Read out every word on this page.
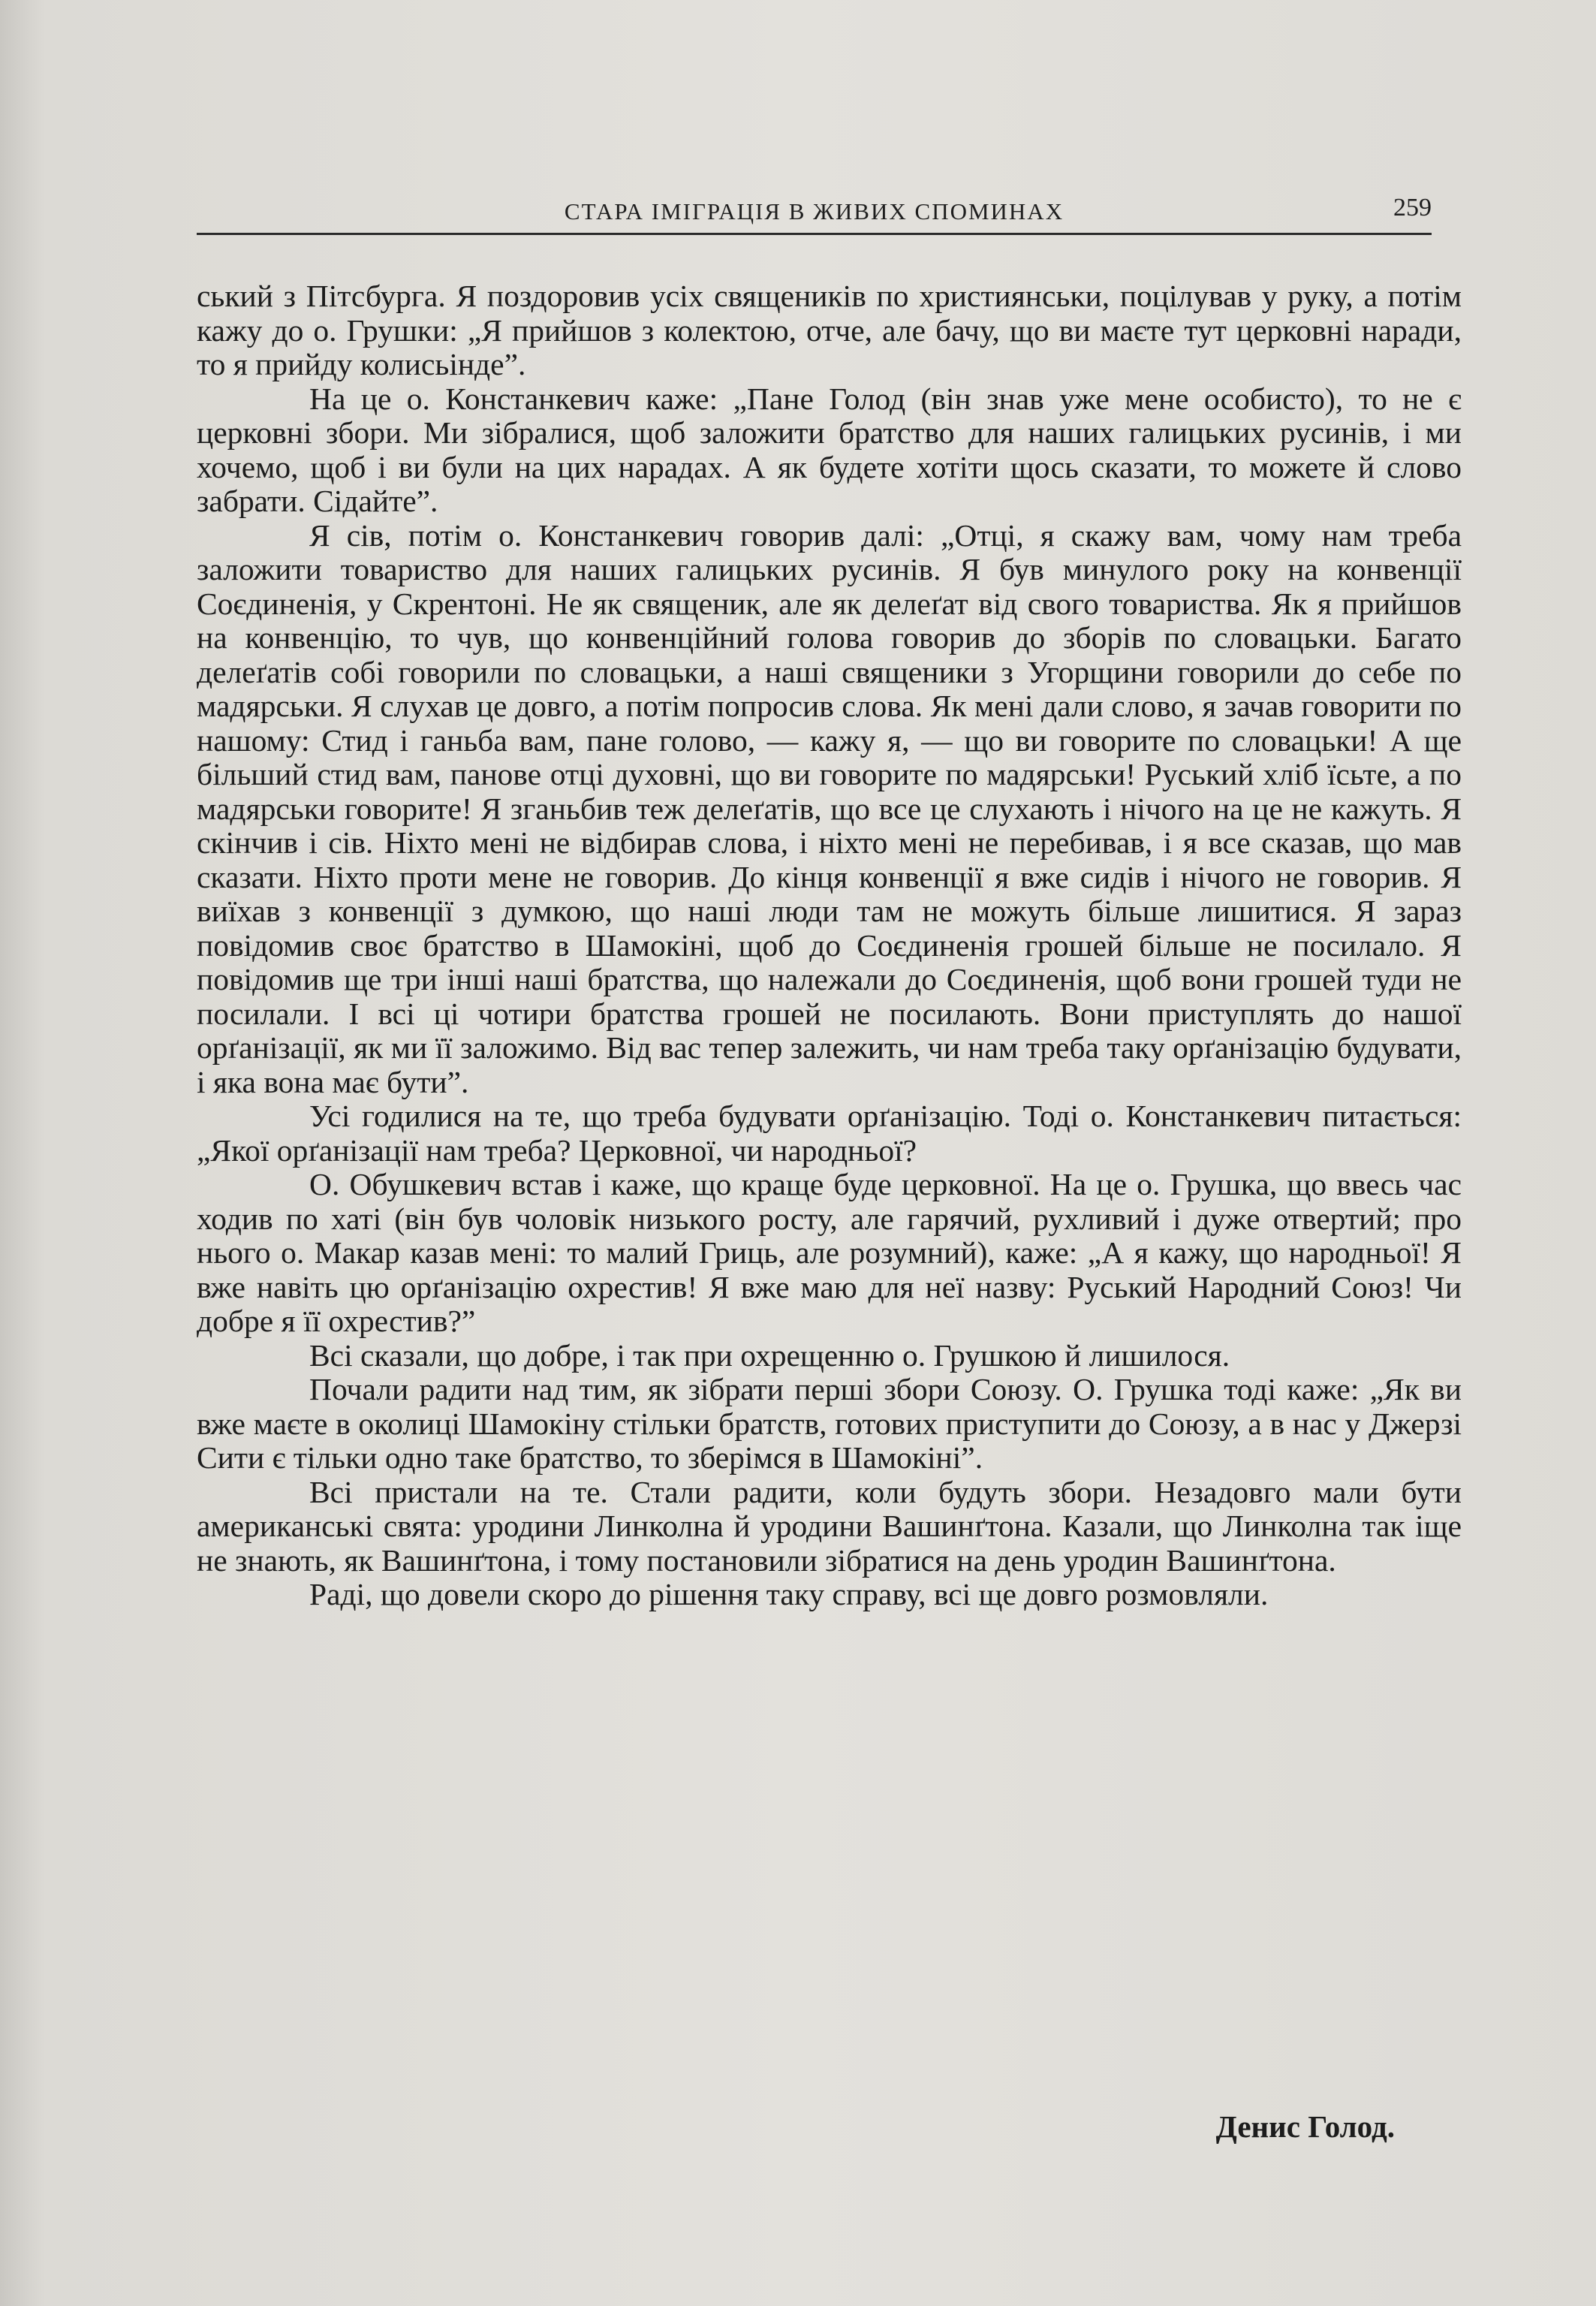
СТАРА ІМІГРАЦІЯ В ЖИВИХ СПОМИНАХ	259

ський з Пітсбурга. Я поздоровив усіх священиків по християнськи, поцілував у руку, а потім кажу до о. Грушки: „Я прийшов з колектою, отче, але бачу, що ви маєте тут церковні наради, то я прийду колисьінде”.

На це о. Констанкевич каже: „Пане Голод (він знав уже мене особисто), то не є церковні збори. Ми зібралися, щоб заложити братство для наших галицьких русинів, і ми хочемо, щоб і ви були на цих нарадах. А як будете хотіти щось сказати, то можете й слово забрати. Сідайте”.

Я сів, потім о. Констанкевич говорив далі: „Отці, я скажу вам, чому нам треба заложити товариство для наших галицьких русинів. Я був минулого року на конвенції Соєдиненія, у Скрентоні. Не як священик, але як делеґат від свого товариства. Як я прийшов на конвенцію, то чув, що конвенційний голова говорив до зборів по словацьки. Багато делеґатів собі говорили по словацьки, а наші священики з Угорщини говорили до себе по мадярськи. Я слухав це довго, а потім попросив слова. Як мені дали слово, я зачав говорити по нашому: Стид і ганьба вам, пане голово, — кажу я, — що ви говорите по словацьки! А ще більший стид вам, панове отці духовні, що ви говорите по мадярськи! Руський хліб їсьте, а по мадярськи говорите! Я зганьбив теж делеґатів, що все це слухають і нічого на це не кажуть. Я скінчив і сів. Ніхто мені не відбирав слова, і ніхто мені не перебивав, і я все сказав, що мав сказати. Ніхто проти мене не говорив. До кінця конвенції я вже сидів і нічого не говорив. Я виїхав з конвенції з думкою, що наші люди там не можуть більше лишитися. Я зараз повідомив своє братство в Шамокіні, щоб до Соєдиненія грошей більше не посилало. Я повідомив ще три інші наші братства, що належали до Соєдиненія, щоб вони грошей туди не посилали. І всі ці чотири братства грошей не посилають. Вони приступлять до нашої орґанізації, як ми її заложимо. Від вас тепер залежить, чи нам треба таку орґанізацію будувати, і яка вона має бути”.

Усі годилися на те, що треба будувати орґанізацію. Тоді о. Констанкевич питається: „Якої орґанізації нам треба? Церковної, чи народньої?

О. Обушкевич встав і каже, що краще буде церковної. На це о. Грушка, що ввесь час ходив по хаті (він був чоловік низького росту, але гарячий, рухливий і дуже отвертий; про нього о. Макар казав мені: то малий Гриць, але розумний), каже: „А я кажу, що народньої! Я вже навіть цю орґанізацію охрестив! Я вже маю для неї назву: Руський Народний Союз! Чи добре я її охрестив?”

Всі сказали, що добре, і так при охрещенню о. Грушкою й лишилося.

Почали радити над тим, як зібрати перші збори Союзу. О. Грушка тоді каже: „Як ви вже маєте в околиці Шамокіну стільки братств, готових приступити до Союзу, а в нас у Джерзі Сити є тільки одно таке братство, то зберімся в Шамокіні”.

Всі пристали на те. Стали радити, коли будуть збори. Незадовго мали бути американські свята: уродини Линколна й уродини Вашинґтона. Казали, що Линколна так іще не знають, як Вашинґтона, і тому постановили зібратися на день уродин Вашинґтона.

Раді, що довели скоро до рішення таку справу, всі ще довго розмовляли.

Денис Голод.
